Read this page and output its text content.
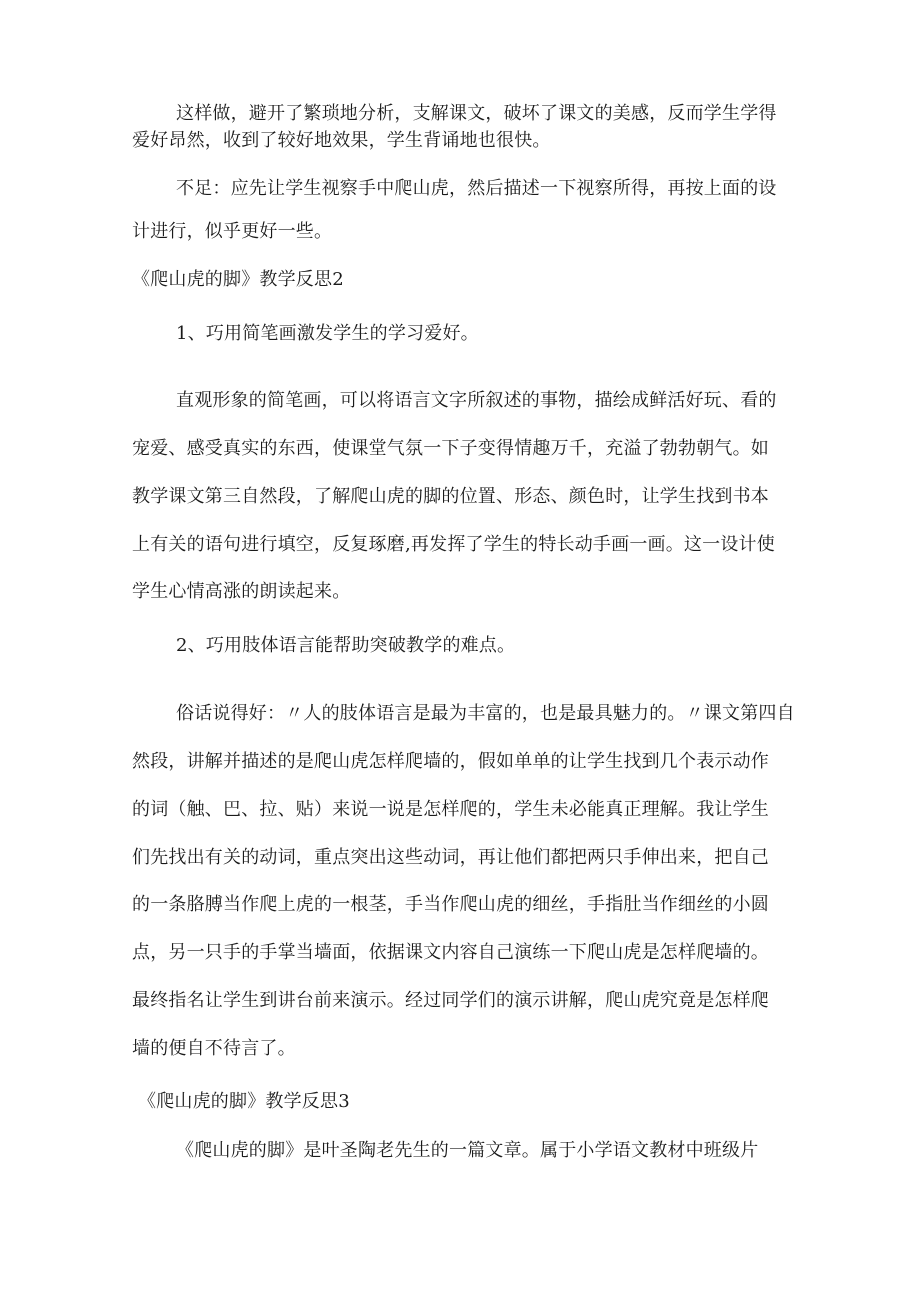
这样做，避开了繁琐地分析，支解课文，破坏了课文的美感，反而学生学得
爱好昂然，收到了较好地效果，学生背诵地也很快。
不足：应先让学生视察手中爬山虎，然后描述一下视察所得，再按上面的设
计进行，似乎更好一些。
《爬山虎的脚》教学反思2
1、巧用简笔画激发学生的学习爱好。
直观形象的简笔画，可以将语言文字所叙述的事物，描绘成鲜活好玩、看的
宠爱、感受真实的东西，使课堂气氛一下子变得情趣万千，充溢了勃勃朝气。如
教学课文第三自然段，了解爬山虎的脚的位置、形态、颜色时，让学生找到书本
上有关的语句进行填空，反复琢磨,再发挥了学生的特长动手画一画。这一设计使
学生心情高涨的朗读起来。
2、巧用肢体语言能帮助突破教学的难点。
俗话说得好：〃人的肢体语言是最为丰富的，也是最具魅力的。〃课文第四自
然段，讲解并描述的是爬山虎怎样爬墙的，假如单单的让学生找到几个表示动作
的词（触、巴、拉、贴）来说一说是怎样爬的，学生未必能真正理解。我让学生
们先找出有关的动词，重点突出这些动词，再让他们都把两只手伸出来，把自己
的一条胳膊当作爬上虎的一根茎，手当作爬山虎的细丝，手指肚当作细丝的小圆
点，另一只手的手掌当墙面，依据课文内容自己演练一下爬山虎是怎样爬墙的。
最终指名让学生到讲台前来演示。经过同学们的演示讲解，爬山虎究竟是怎样爬
墙的便自不待言了。
《爬山虎的脚》教学反思3
《爬山虎的脚》是叶圣陶老先生的一篇文章。属于小学语文教材中班级片
